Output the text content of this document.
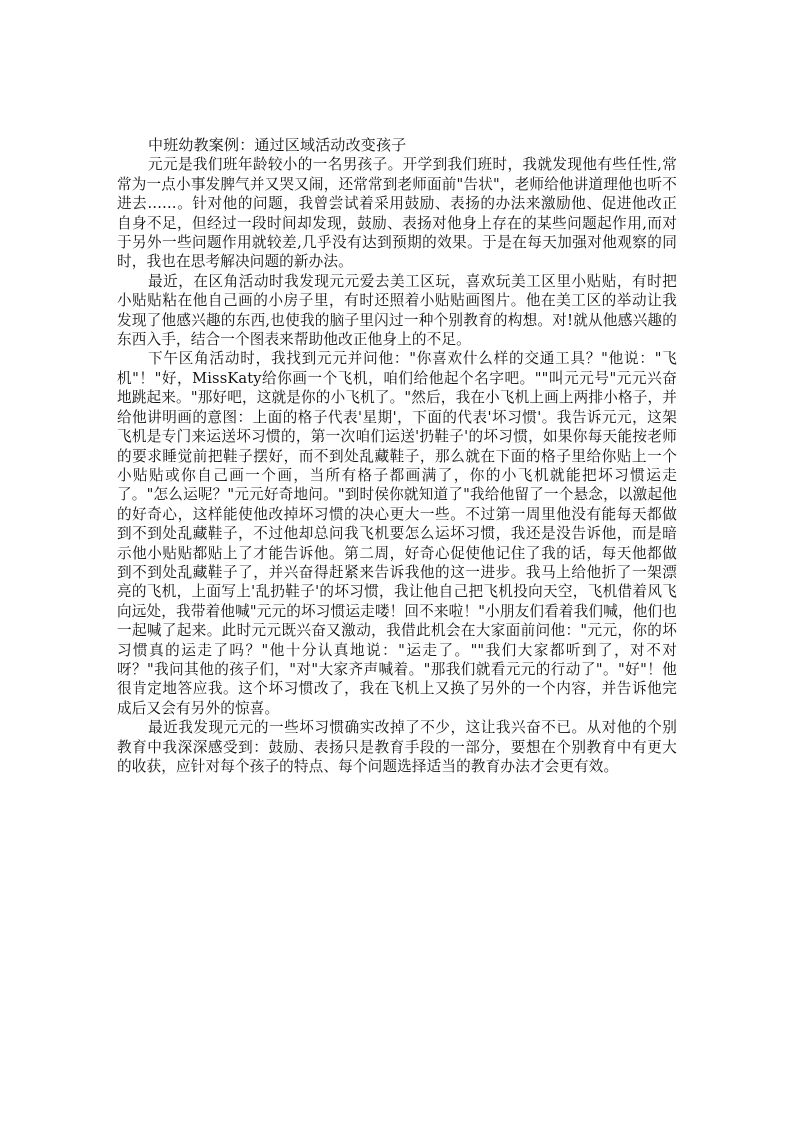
中班幼教案例：通过区域活动改变孩子

元元是我们班年龄较小的一名男孩子。开学到我们班时，我就发现他有些任性,常常为一点小事发脾气并又哭又闹，还常常到老师面前"告状"，老师给他讲道理他也听不进去……。针对他的问题，我曾尝试着采用鼓励、表扬的办法来激励他、促进他改正自身不足，但经过一段时间却发现，鼓励、表扬对他身上存在的某些问题起作用,而对于另外一些问题作用就较差,几乎没有达到预期的效果。于是在每天加强对他观察的同时，我也在思考解决问题的新办法。

最近，在区角活动时我发现元元爱去美工区玩，喜欢玩美工区里小贴贴，有时把小贴贴粘在他自己画的小房子里，有时还照着小贴贴画图片。他在美工区的举动让我发现了他感兴趣的东西,也使我的脑子里闪过一种个别教育的构想。对!就从他感兴趣的东西入手，结合一个图表来帮助他改正他身上的不足。

下午区角活动时，我找到元元并问他："你喜欢什么样的交通工具？"他说："飞机"！"好，MissKaty给你画一个飞机，咱们给他起个名字吧。""叫元元号"元元兴奋地跳起来。"那好吧，这就是你的小飞机了。"然后，我在小飞机上画上两排小格子，并给他讲明画的意图：上面的格子代表'星期'，下面的代表'坏习惯'。我告诉元元，这架飞机是专门来运送坏习惯的，第一次咱们运送'扔鞋子'的坏习惯，如果你每天能按老师的要求睡觉前把鞋子摆好，而不到处乱藏鞋子，那么就在下面的格子里给你贴上一个小贴贴或你自己画一个画，当所有格子都画满了，你的小飞机就能把坏习惯运走了。"怎么运呢？"元元好奇地问。"到时侯你就知道了"我给他留了一个悬念，以激起他的好奇心，这样能使他改掉坏习惯的决心更大一些。不过第一周里他没有能每天都做到不到处乱藏鞋子，不过他却总问我飞机要怎么运坏习惯，我还是没告诉他，而是暗示他小贴贴都贴上了才能告诉他。第二周，好奇心促使他记住了我的话，每天他都做到不到处乱藏鞋子了，并兴奋得赶紧来告诉我他的这一进步。我马上给他折了一架漂亮的飞机，上面写上'乱扔鞋子'的坏习惯，我让他自己把飞机投向天空，飞机借着风飞向远处，我带着他喊"元元的坏习惯运走喽！回不来啦！"小朋友们看着我们喊，他们也一起喊了起来。此时元元既兴奋又激动，我借此机会在大家面前问他："元元，你的坏习惯真的运走了吗？"他十分认真地说："运走了。""我们大家都听到了，对不对呀？"我问其他的孩子们，"对"大家齐声喊着。"那我们就看元元的行动了"。"好"！他很肯定地答应我。这个坏习惯改了，我在飞机上又换了另外的一个内容，并告诉他完成后又会有另外的惊喜。

最近我发现元元的一些坏习惯确实改掉了不少，这让我兴奋不已。从对他的个别教育中我深深感受到：鼓励、表扬只是教育手段的一部分，要想在个别教育中有更大的收获，应针对每个孩子的特点、每个问题选择适当的教育办法才会更有效。
